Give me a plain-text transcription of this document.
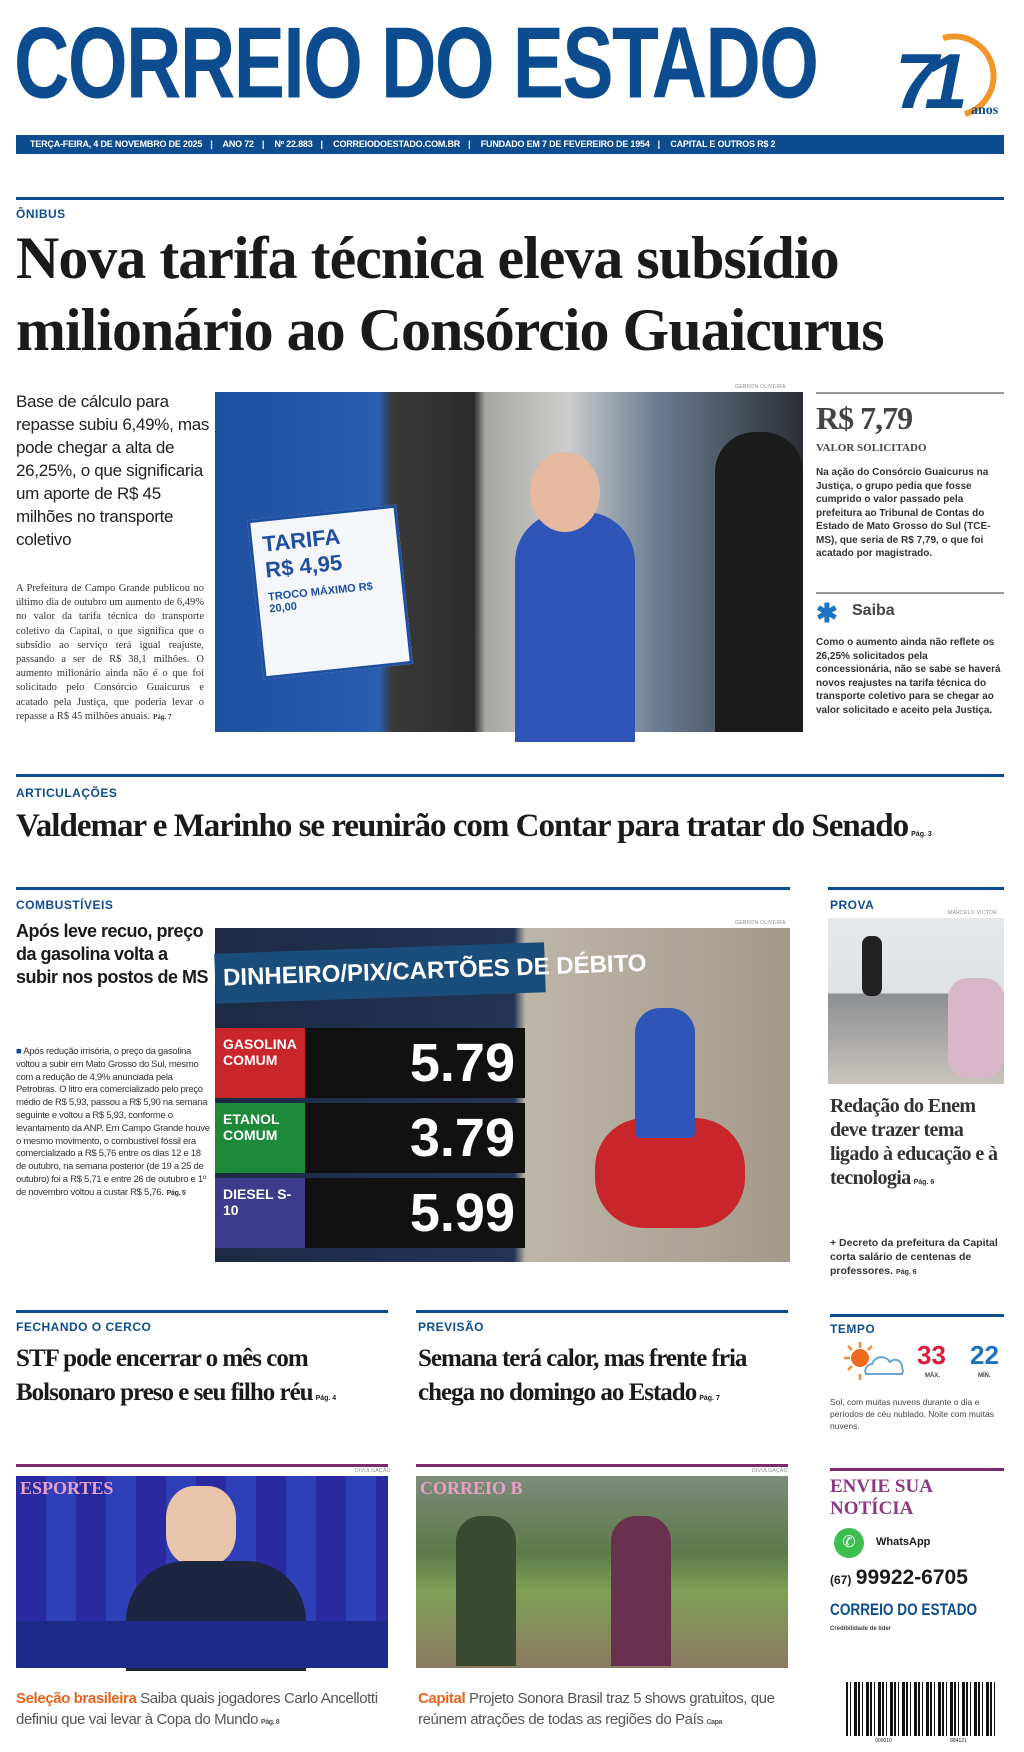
CORREIO DO ESTADO 71	anos
TERÇA-FEIRA, 4 DE NOVEMBRO DE 2025 | ANO 72 | Nº 22.883 | CORREIODOESTADO.COM.BR | FUNDADO EM 7 DE FEVEREIRO DE 1954 | CAPITAL E OUTROS R$ 2
ÔNIBUS
Nova tarifa técnica eleva subsídio
milionário ao Consórcio Guaicurus
Base de cálculo para repasse subiu 6,49%, mas pode chegar a alta de 26,25%, o que significaria um aporte de R$ 45 milhões no transporte coletivo
A Prefeitura de Campo Grande publicou no último dia de outubro um aumento de 6,49% no valor da tarifa técnica do transporte coletivo da Capital, o que significa que o subsídio ao serviço terá igual reajuste, passando a ser de R$ 38,1 milhões. O aumento milionário ainda não é o que foi solicitado pelo Consórcio Guaicurus e acatado pela Justiça, que poderia levar o repasse a R$ 45 milhões anuais. Pág. 7
GERSON OLIVEIRA
TARIFA
R$ 4,95
TROCO MÁXIMO R$ 20,00
R$ 7,79
VALOR SOLICITADO
Na ação do Consórcio Guaicurus na Justiça, o grupo pedia que fosse cumprido o valor passado pela prefeitura ao Tribunal de Contas do Estado de Mato Grosso do Sul (TCE-MS), que seria de R$ 7,79, o que foi acatado por magistrado.
✱ Saiba
Como o aumento ainda não reflete os 26,25% solicitados pela concessionária, não se sabe se haverá novos reajustes na tarifa técnica do transporte coletivo para se chegar ao valor solicitado e aceito pela Justiça.
ARTICULAÇÕES
Valdemar e Marinho se reunirão com Contar para tratar do Senado Pág. 3
COMBUSTÍVEIS
Após leve recuo, preço da gasolina volta a subir nos postos de MS
■ Após redução irrisória, o preço da gasolina voltou a subir em Mato Grosso do Sul, mesmo com a redução de 4,9% anunciada pela Petrobras. O litro era comercializado pelo preço médio de R$ 5,93, passou a R$ 5,90 na semana seguinte e voltou a R$ 5,93, conforme o levantamento da ANP. Em Campo Grande houve o mesmo movimento, o combustível fóssil era comercializado a R$ 5,76 entre os dias 12 e 18 de outubro, na semana posterior (de 19 a 25 de outubro) foi a R$ 5,71 e entre 26 de outubro e 1º de novembro voltou a custar R$ 5,76. Pág. 5
GERSON OLIVEIRA
DINHEIRO/PIX/CARTÕES DE DÉBITO
GASOLINA COMUM	5.79
ETANOL COMUM	3.79
DIESEL S-10	5.99
PROVA
MARCELO VICTOR
Redação do Enem deve trazer tema ligado à educação e à tecnologia Pág. 6
+ Decreto da prefeitura da Capital corta salário de centenas de professores. Pág. 6
FECHANDO O CERCO
STF pode encerrar o mês com Bolsonaro preso e seu filho réu Pág. 4
PREVISÃO
Semana terá calor, mas frente fria chega no domingo ao Estado Pág. 7
TEMPO
33
MÁX.
22
MÍN.
Sol, com muitas nuvens durante o dia e períodos de céu nublado. Noite com muitas nuvens.
DIVULGAÇÃO
ESPORTES
Seleção brasileira Saiba quais jogadores Carlo Ancellotti definiu que vai levar à Copa do Mundo Pág. 8
DIVULGAÇÃO
CORREIO B
Capital Projeto Sonora Brasil traz 5 shows gratuitos, que reúnem atrações de todas as regiões do País Capa
ENVIE SUA NOTÍCIA
✆	WhatsApp
(67) 99922-6705
CORREIO DO ESTADO
Credibilidade de líder
000010	884121
